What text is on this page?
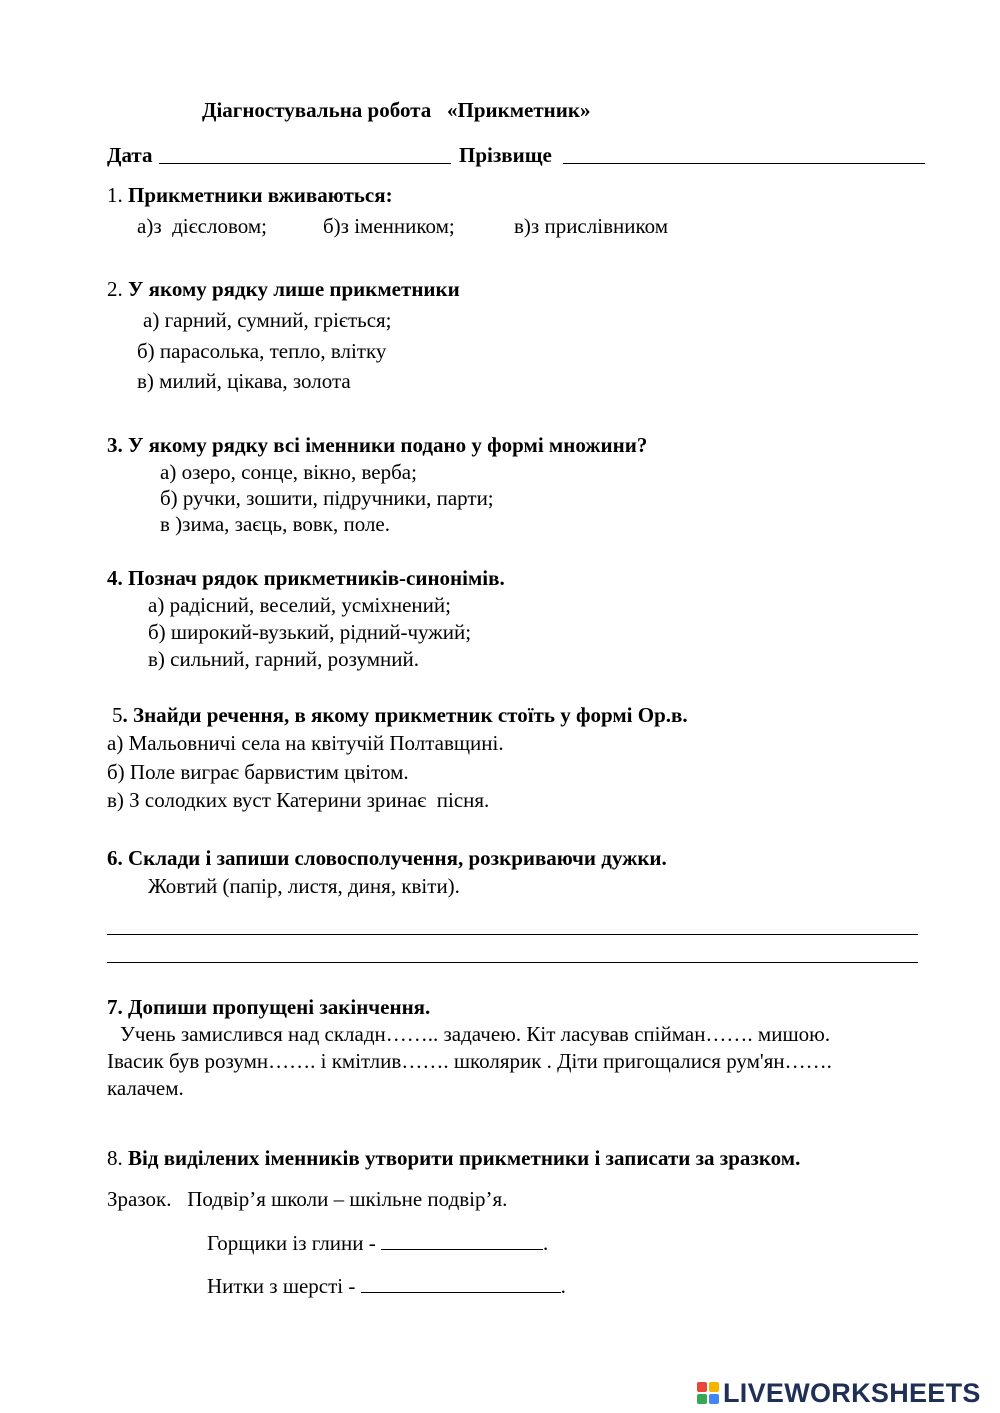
Діагностувальна робота   «Прикметник»
Дата	Прізвище
1. Прикметники вживаються:
а)з  дієсловом;	б)з іменником;	в)з прислівником
2. У якому рядку лише прикметники
а) гарний, сумний, гріється;
б) парасолька, тепло, влітку
в) милий, цікава, золота
3. У якому рядку всі іменники подано у формі множини?
а) озеро, сонце, вікно, верба;
б) ручки, зошити, підручники, парти;
в )зима, заєць, вовк, поле.
4. Познач рядок прикметників-синонімів.
а) радісний, веселий, усміхнений;
б) широкий-вузький, рідний-чужий;
в) сильний, гарний, розумний.
5. Знайди речення, в якому прикметник стоїть у формі Ор.в.
а) Мальовничі села на квітучій Полтавщині.
б) Поле виграє барвистим цвітом.
в) З солодких вуст Катерини зринає  пісня.
6. Склади і запиши словосполучення, розкриваючи дужки.
Жовтий (папір, листя, диня, квіти).
7. Допиши пропущені закінчення.
Учень замислився над складн…….. задачею. Кіт ласував спійман……. мишою.
Івасик був розумн……. і кмітлив……. школярик . Діти пригощалися рум'ян…….
калачем.
8. Від виділених іменників утворити прикметники і записати за зразком.
Зразок.   Подвір’я школи – шкільне подвір’я.
Горщики із глини -	.
Нитки з шерсті -	.
LIVEWORKSHEETS
